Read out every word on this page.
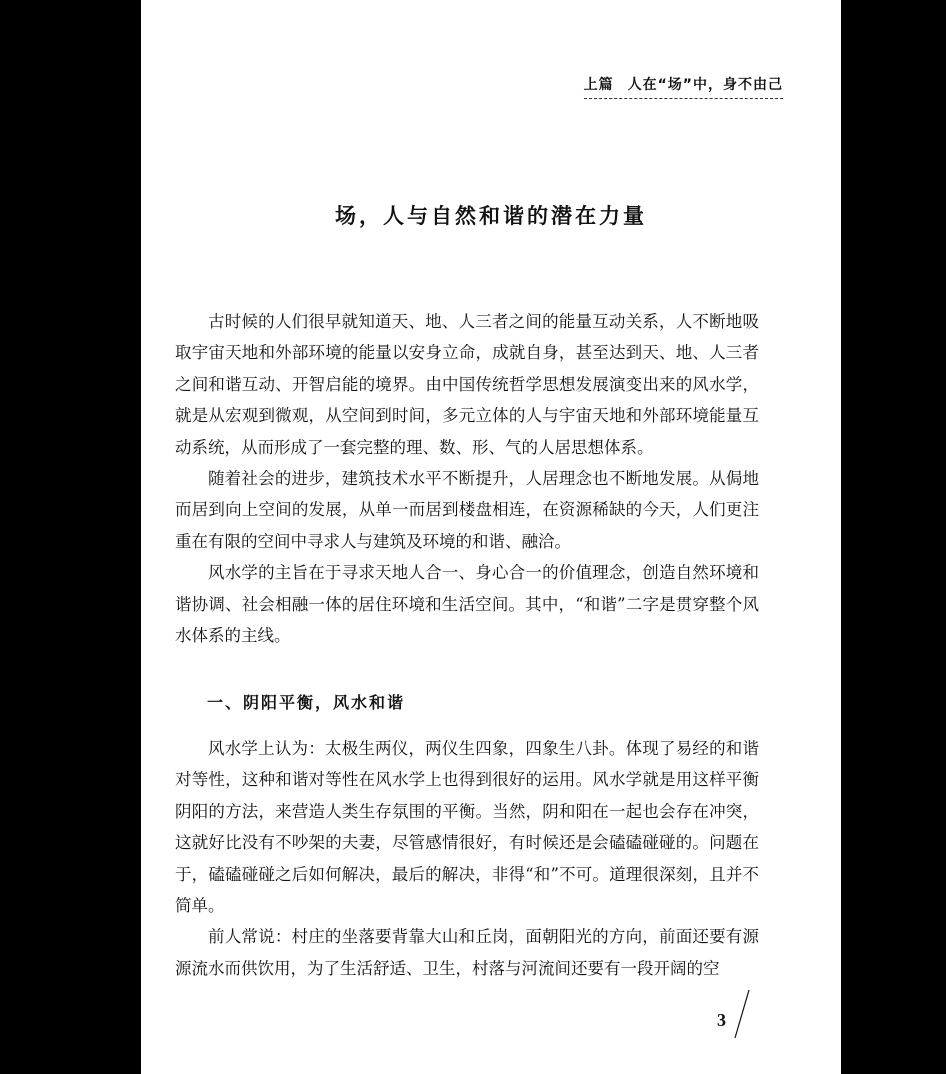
上篇 人在“场”中，身不由己
场，人与自然和谐的潜在力量

古时候的人们很早就知道天、地、人三者之间的能量互动关系，人不断地吸取宇宙天地和外部环境的能量以安身立命，成就自身，甚至达到天、地、人三者之间和谐互动、开智启能的境界。由中国传统哲学思想发展演变出来的风水学，就是从宏观到微观，从空间到时间，多元立体的人与宇宙天地和外部环境能量互动系统，从而形成了一套完整的理、数、形、气的人居思想体系。

随着社会的进步，建筑技术水平不断提升，人居理念也不断地发展。从侷地而居到向上空间的发展，从单一而居到楼盘相连，在资源稀缺的今天，人们更注重在有限的空间中寻求人与建筑及环境的和谐、融洽。

风水学的主旨在于寻求天地人合一、身心合一的价值理念，创造自然环境和谐协调、社会相融一体的居住环境和生活空间。其中，“和谐”二字是贯穿整个风水体系的主线。

一、阴阳平衡，风水和谐

风水学上认为：太极生两仪，两仪生四象，四象生八卦。体现了易经的和谐对等性，这种和谐对等性在风水学上也得到很好的运用。风水学就是用这样平衡阴阳的方法，来营造人类生存氛围的平衡。当然，阴和阳在一起也会存在冲突，这就好比没有不吵架的夫妻，尽管感情很好，有时候还是会磕磕碰碰的。问题在于，磕磕碰碰之后如何解决，最后的解决，非得“和”不可。道理很深刻，且并不简单。

前人常说：村庄的坐落要背靠大山和丘岗，面朝阳光的方向，前面还要有源源流水而供饮用，为了生活舒适、卫生，村落与河流间还要有一段开阔的空

3
